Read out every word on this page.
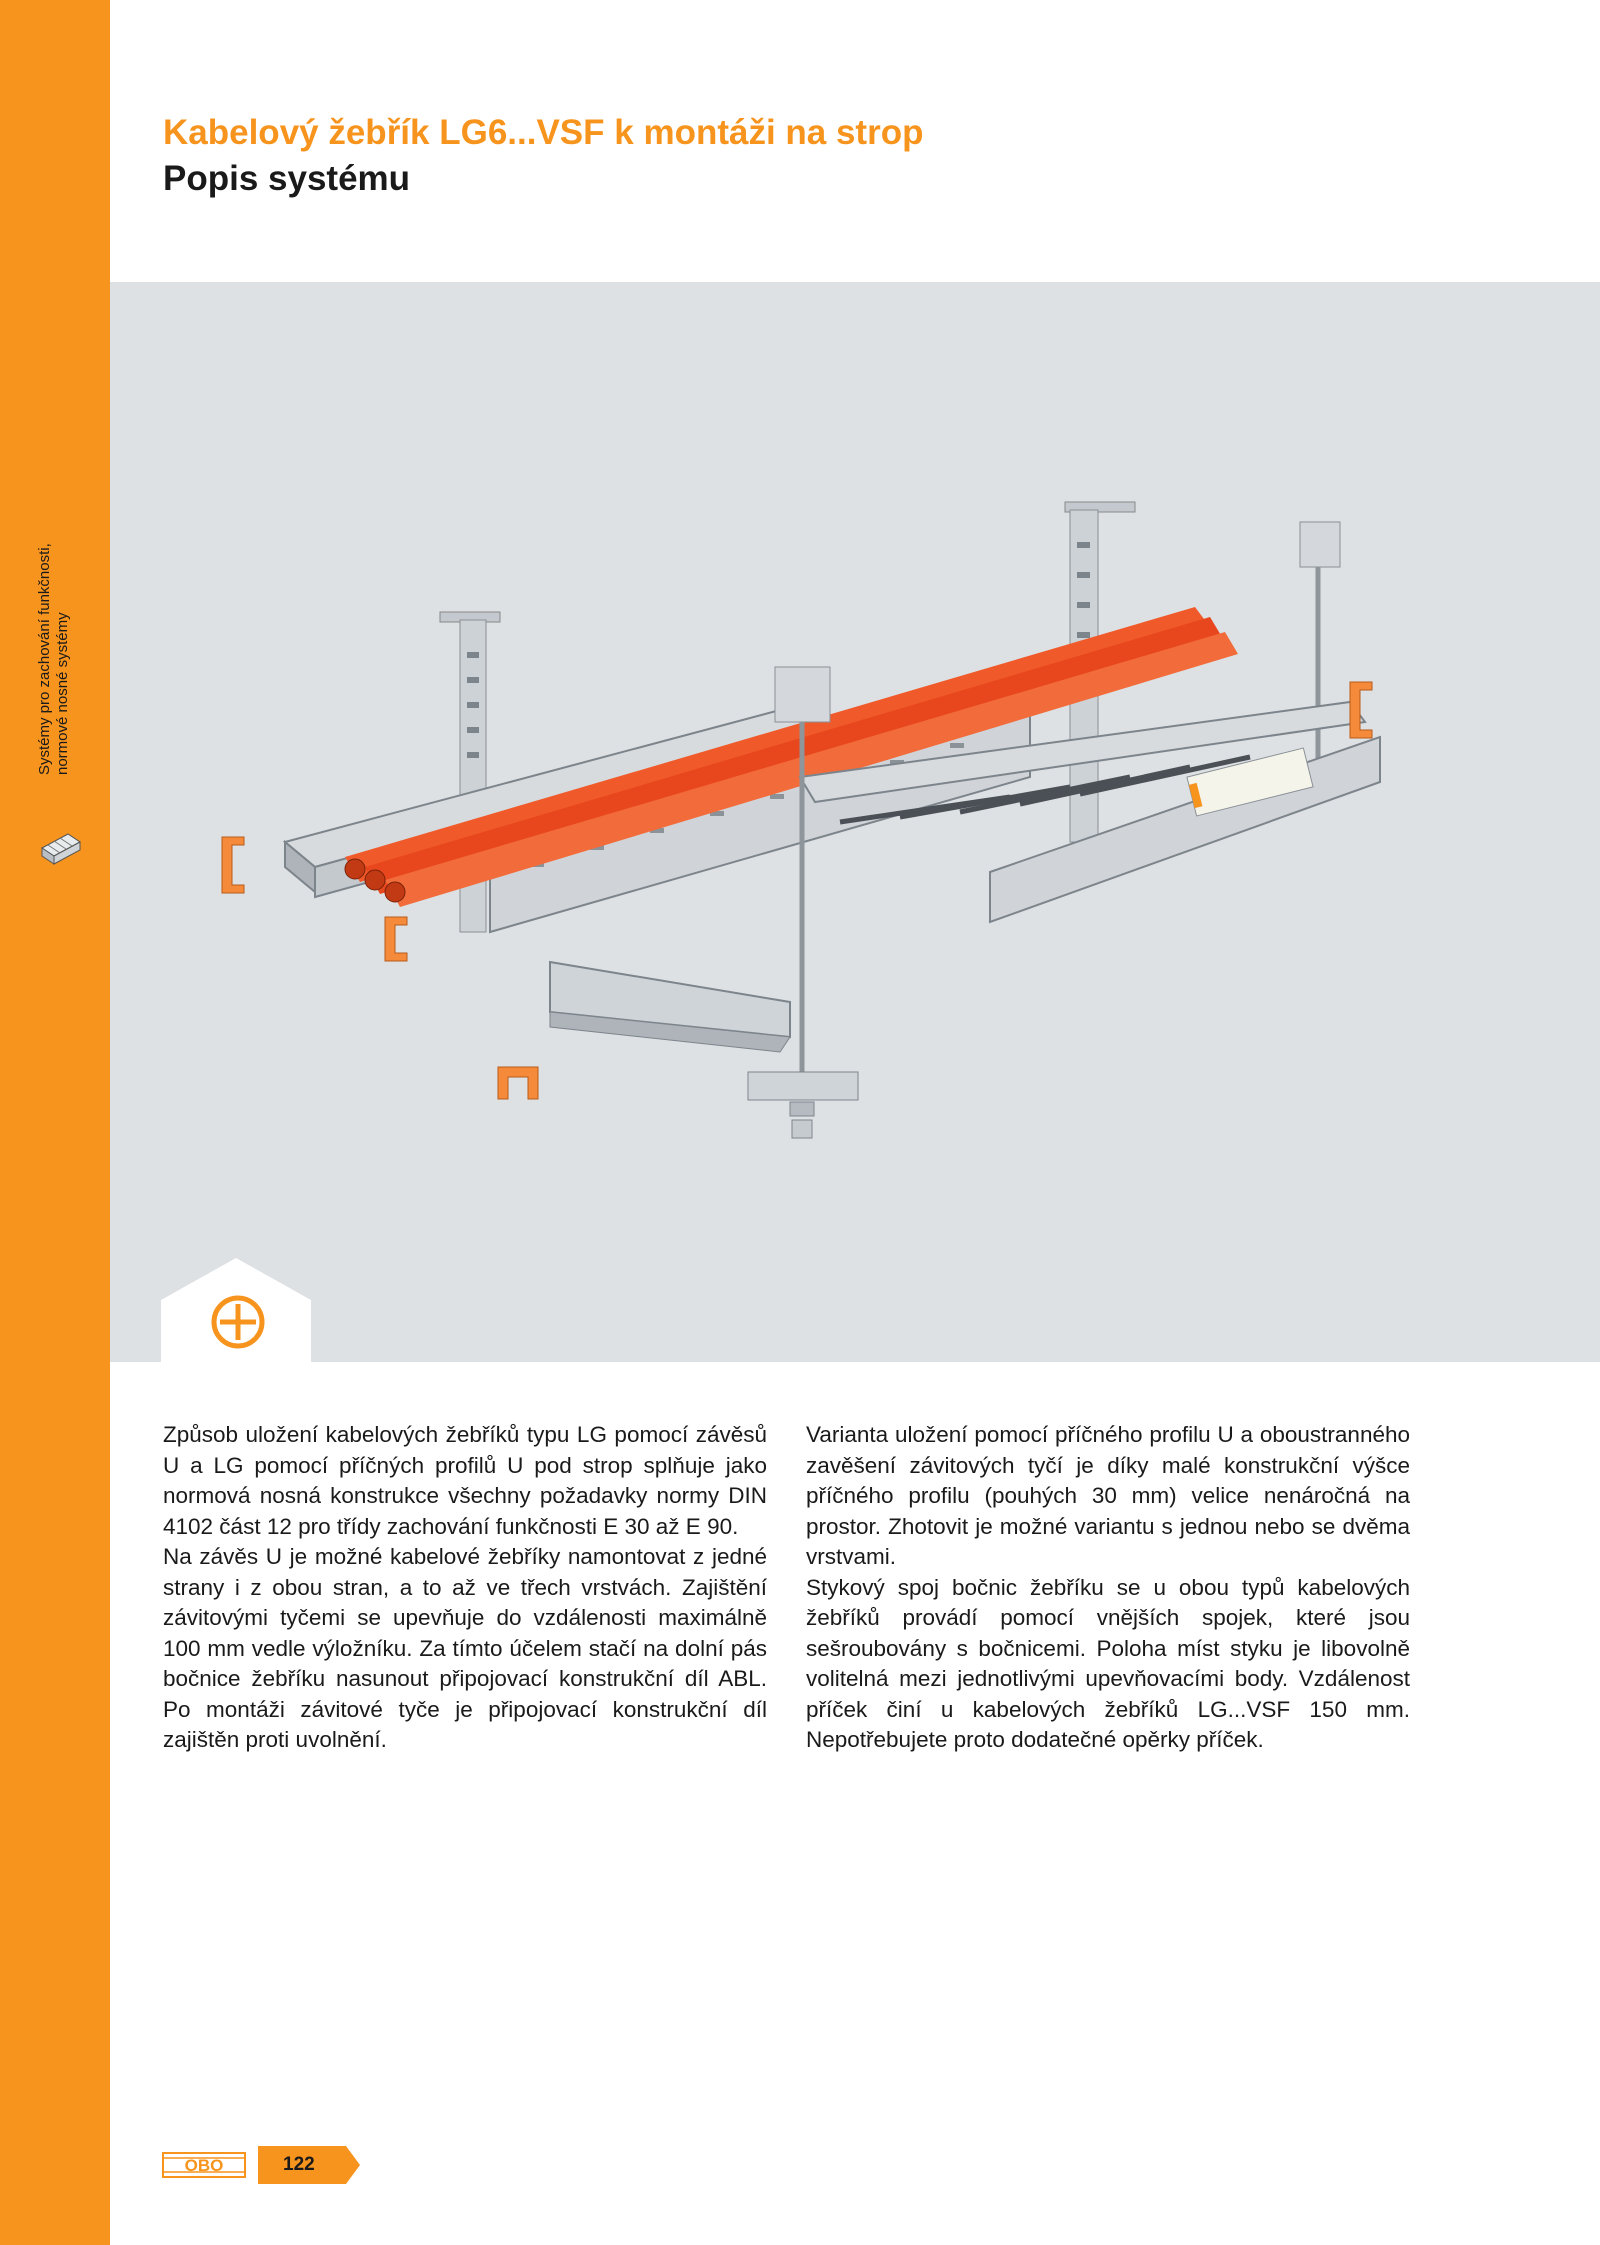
Systémy pro zachování funkčnosti, normové nosné systémy
Kabelový žebřík LG6...VSF k montáži na strop
Popis systému

Způsob uložení kabelových žebříků typu LG pomocí závěsů U a LG pomocí příčných profilů U pod strop splňuje jako normová nosná konstrukce všechny požadavky normy DIN 4102 část 12 pro třídy zachování funkčnosti E 30 až E 90.

Na závěs U je možné kabelové žebříky namontovat z jedné strany i z obou stran, a to až ve třech vrstvách. Zajištění závitovými tyčemi se upevňuje do vzdálenosti maximálně 100 mm vedle výložníku. Za tímto účelem stačí na dolní pás bočnice žebříku nasunout připojovací konstrukční díl ABL. Po montáži závitové tyče je připojovací konstrukční díl zajištěn proti uvolnění.

Varianta uložení pomocí příčného profilu U a oboustranného zavěšení závitových tyčí je díky malé konstrukční výšce příčného profilu (pouhých 30 mm) velice nenáročná na prostor. Zhotovit je možné variantu s jednou nebo se dvěma vrstvami.

Stykový spoj bočnic žebříku se u obou typů kabelových žebříků provádí pomocí vnějších spojek, které jsou sešroubovány s bočnicemi. Poloha míst styku je libovolně volitelná mezi jednotlivými upevňovacími body. Vzdálenost příček činí u kabelových žebříků LG...VSF 150 mm. Nepotřebujete proto dodatečné opěrky příček.

OBO	122
